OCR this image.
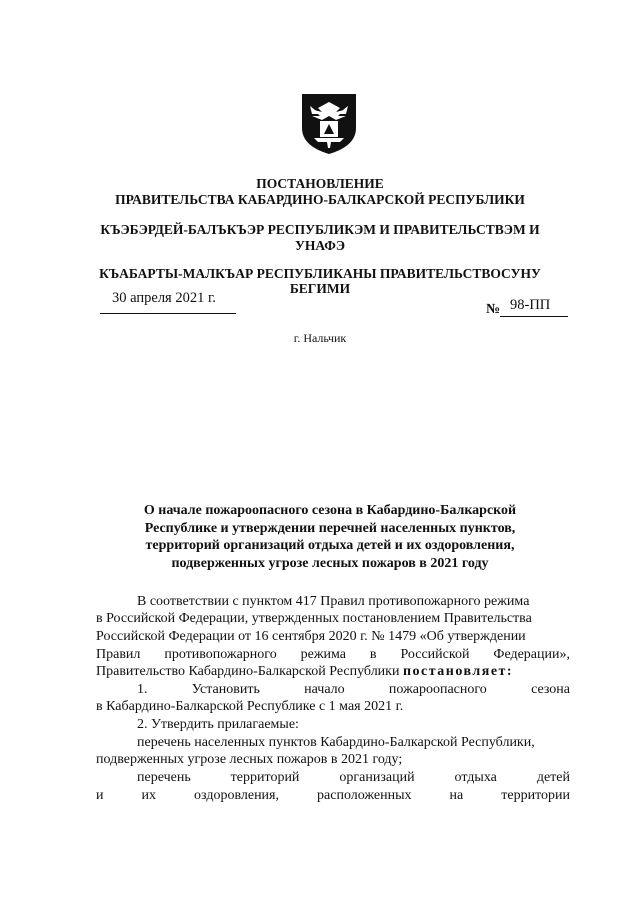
ПОСТАНОВЛЕНИЕ
ПРАВИТЕЛЬСТВА КАБАРДИНО-БАЛКАРСКОЙ РЕСПУБЛИКИ
КЪЭБЭРДЕЙ-БАЛЪКЪЭР РЕСПУБЛИКЭМ И ПРАВИТЕЛЬСТВЭМ И
УНАФЭ
КЪАБАРТЫ-МАЛКЪАР РЕСПУБЛИКАНЫ ПРАВИТЕЛЬСТВОСУНУ
БЕГИМИ
30 апреля 2021 г.
№ 98-ПП
г. Нальчик
О начале пожароопасного сезона в Кабардино-Балкарской
Республике и утверждении перечней населенных пунктов,
территорий организаций отдыха детей и их оздоровления,
подверженных угрозе лесных пожаров в 2021 году
В соответствии с пунктом 417 Правил противопожарного режима
в Российской Федерации, утвержденных постановлением Правительства
Российской Федерации от 16 сентября 2020 г. № 1479 «Об утверждении
Правил противопожарного режима в Российской Федерации»,
Правительство Кабардино-Балкарской Республики постановляет:
1. Установить начало пожароопасного сезона
в Кабардино-Балкарской Республике с 1 мая 2021 г.
2. Утвердить прилагаемые:
перечень населенных пунктов Кабардино-Балкарской Республики,
подверженных угрозе лесных пожаров в 2021 году;
перечень территорий организаций отдыха детей
и их оздоровления, расположенных на территории
